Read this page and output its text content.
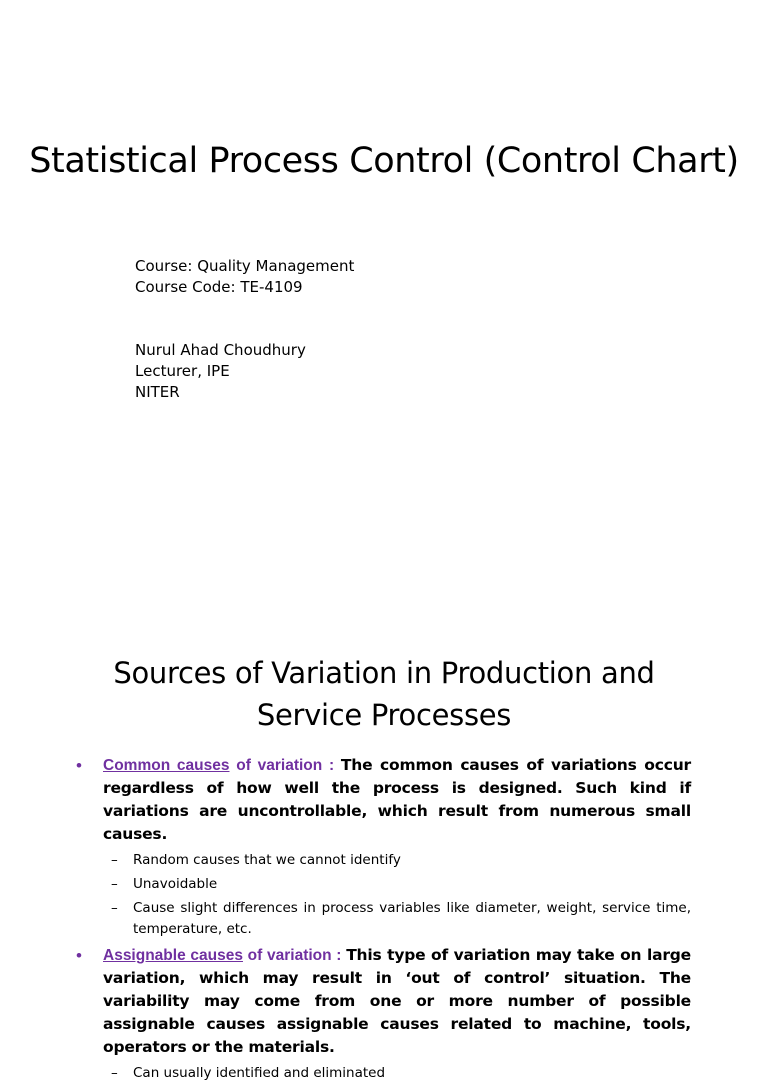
Statistical Process Control (Control Chart)
Course: Quality Management
Course Code: TE-4109
Nurul Ahad Choudhury
Lecturer, IPE
NITER
Sources of Variation in Production and
Service Processes
• Common causes of variation : The common causes of variations occur regardless of how well the process is designed. Such kind if variations are uncontrollable, which result from numerous small causes.
– Random causes that we cannot identify
– Unavoidable
– Cause slight differences in process variables like diameter, weight, service time, temperature, etc.
• Assignable causes of variation : This type of variation may take on large variation, which may result in ‘out of control’ situation. The variability may come from one or more number of possible assignable causes assignable causes related to machine, tools, operators or the materials.
– Can usually identified and eliminated
